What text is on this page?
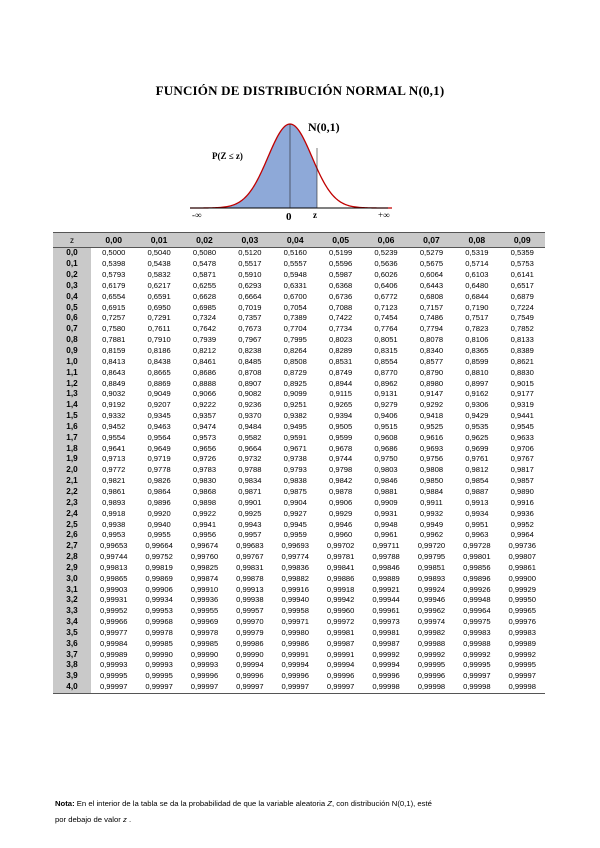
FUNCIÓN DE DISTRIBUCIÓN NORMAL N(0,1)
N(0,1)
P(Z ≤ z)
-∞	0 z	+∞
z	0,00	0,01	0,02	0,03	0,04	0,05	0,06	0,07	0,08	0,09
0,0	0,5000	0,5040	0,5080	0,5120	0,5160	0,5199	0,5239	0,5279	0,5319	0,5359
0,1	0,5398	0,5438	0,5478	0,5517	0,5557	0,5596	0,5636	0,5675	0,5714	0,5753
0,2	0,5793	0,5832	0,5871	0,5910	0,5948	0,5987	0,6026	0,6064	0,6103	0,6141
0,3	0,6179	0,6217	0,6255	0,6293	0,6331	0,6368	0,6406	0,6443	0,6480	0,6517
0,4	0,6554	0,6591	0,6628	0,6664	0,6700	0,6736	0,6772	0,6808	0,6844	0,6879
0,5	0,6915	0,6950	0,6985	0,7019	0,7054	0,7088	0,7123	0,7157	0,7190	0,7224
0,6	0,7257	0,7291	0,7324	0,7357	0,7389	0,7422	0,7454	0,7486	0,7517	0,7549
0,7	0,7580	0,7611	0,7642	0,7673	0,7704	0,7734	0,7764	0,7794	0,7823	0,7852
0,8	0,7881	0,7910	0,7939	0,7967	0,7995	0,8023	0,8051	0,8078	0,8106	0,8133
0,9	0,8159	0,8186	0,8212	0,8238	0,8264	0,8289	0,8315	0,8340	0,8365	0,8389
1,0	0,8413	0,8438	0,8461	0,8485	0,8508	0,8531	0,8554	0,8577	0,8599	0,8621
1,1	0,8643	0,8665	0,8686	0,8708	0,8729	0,8749	0,8770	0,8790	0,8810	0,8830
1,2	0,8849	0,8869	0,8888	0,8907	0,8925	0,8944	0,8962	0,8980	0,8997	0,9015
1,3	0,9032	0,9049	0,9066	0,9082	0,9099	0,9115	0,9131	0,9147	0,9162	0,9177
1,4	0,9192	0,9207	0,9222	0,9236	0,9251	0,9265	0,9279	0,9292	0,9306	0,9319
1,5	0,9332	0,9345	0,9357	0,9370	0,9382	0,9394	0,9406	0,9418	0,9429	0,9441
1,6	0,9452	0,9463	0,9474	0,9484	0,9495	0,9505	0,9515	0,9525	0,9535	0,9545
1,7	0,9554	0,9564	0,9573	0,9582	0,9591	0,9599	0,9608	0,9616	0,9625	0,9633
1,8	0,9641	0,9649	0,9656	0,9664	0,9671	0,9678	0,9686	0,9693	0,9699	0,9706
1,9	0,9713	0,9719	0,9726	0,9732	0,9738	0,9744	0,9750	0,9756	0,9761	0,9767
2,0	0,9772	0,9778	0,9783	0,9788	0,9793	0,9798	0,9803	0,9808	0,9812	0,9817
2,1	0,9821	0,9826	0,9830	0,9834	0,9838	0,9842	0,9846	0,9850	0,9854	0,9857
2,2	0,9861	0,9864	0,9868	0,9871	0,9875	0,9878	0,9881	0,9884	0,9887	0,9890
2,3	0,9893	0,9896	0,9898	0,9901	0,9904	0,9906	0,9909	0,9911	0,9913	0,9916
2,4	0,9918	0,9920	0,9922	0,9925	0,9927	0,9929	0,9931	0,9932	0,9934	0,9936
2,5	0,9938	0,9940	0,9941	0,9943	0,9945	0,9946	0,9948	0,9949	0,9951	0,9952
2,6	0,9953	0,9955	0,9956	0,9957	0,9959	0,9960	0,9961	0,9962	0,9963	0,9964
2,7	0,99653	0,99664	0,99674	0,99683	0,99693	0,99702	0,99711	0,99720	0,99728	0,99736
2,8	0,99744	0,99752	0,99760	0,99767	0,99774	0,99781	0,99788	0,99795	0,99801	0,99807
2,9	0,99813	0,99819	0,99825	0,99831	0,99836	0,99841	0,99846	0,99851	0,99856	0,99861
3,0	0,99865	0,99869	0,99874	0,99878	0,99882	0,99886	0,99889	0,99893	0,99896	0,99900
3,1	0,99903	0,99906	0,99910	0,99913	0,99916	0,99918	0,99921	0,99924	0,99926	0,99929
3,2	0,99931	0,99934	0,99936	0,99938	0,99940	0,99942	0,99944	0,99946	0,99948	0,99950
3,3	0,99952	0,99953	0,99955	0,99957	0,99958	0,99960	0,99961	0,99962	0,99964	0,99965
3,4	0,99966	0,99968	0,99969	0,99970	0,99971	0,99972	0,99973	0,99974	0,99975	0,99976
3,5	0,99977	0,99978	0,99978	0,99979	0,99980	0,99981	0,99981	0,99982	0,99983	0,99983
3,6	0,99984	0,99985	0,99985	0,99986	0,99986	0,99987	0,99987	0,99988	0,99988	0,99989
3,7	0,99989	0,99990	0,99990	0,99990	0,99991	0,99991	0,99992	0,99992	0,99992	0,99992
3,8	0,99993	0,99993	0,99993	0,99994	0,99994	0,99994	0,99994	0,99995	0,99995	0,99995
3,9	0,99995	0,99995	0,99996	0,99996	0,99996	0,99996	0,99996	0,99996	0,99997	0,99997
4,0	0,99997	0,99997	0,99997	0,99997	0,99997	0,99997	0,99998	0,99998	0,99998	0,99998
Nota: En el interior de la tabla se da la probabilidad de que la variable aleatoria Z, con distribución N(0,1), esté
por debajo de valor z .
